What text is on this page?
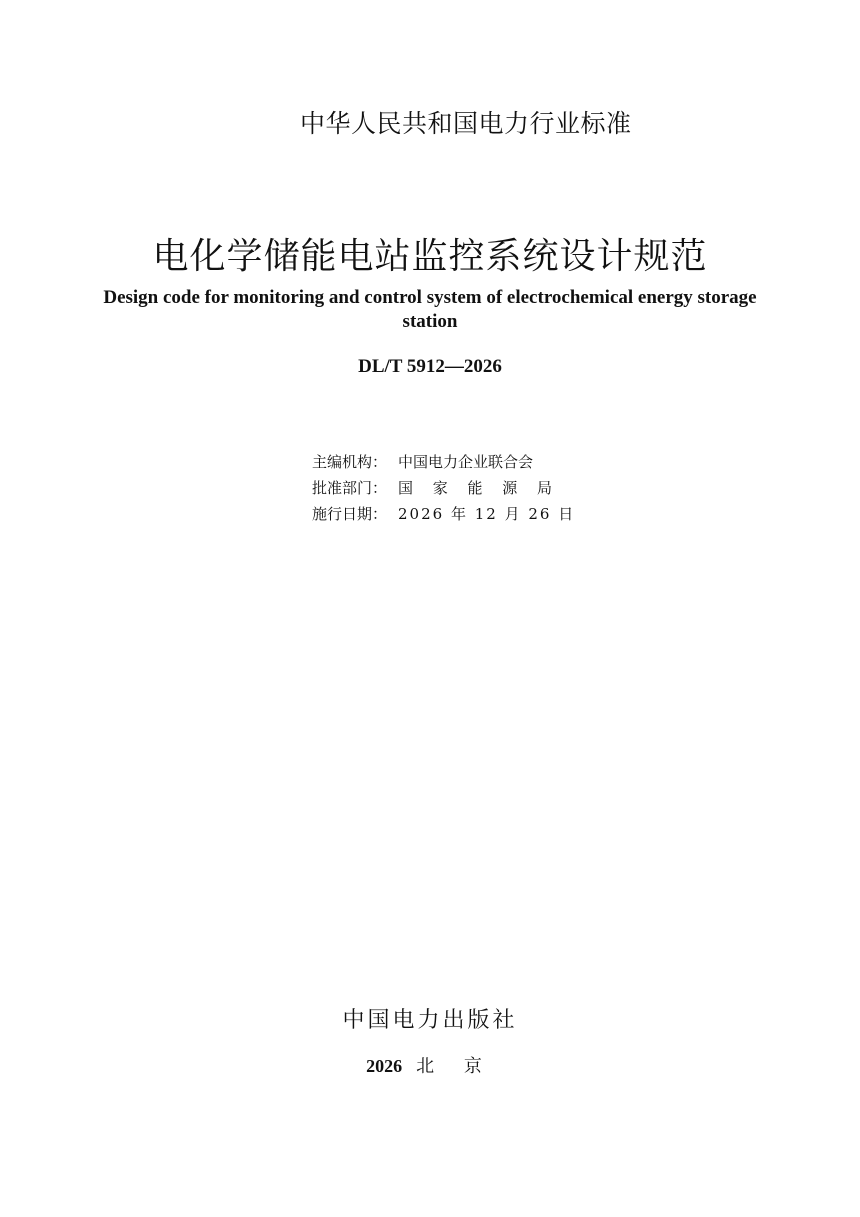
中华人民共和国电力行业标准
电化学储能电站监控系统设计规范
Design code for monitoring and control system of electrochemical energy storage station
DL/T 5912—2026
主编机构： 中国电力企业联合会
批准部门： 国 家 能 源 局
施行日期： 2026 年 12 月 26 日
中国电力出版社
2026 北 京
